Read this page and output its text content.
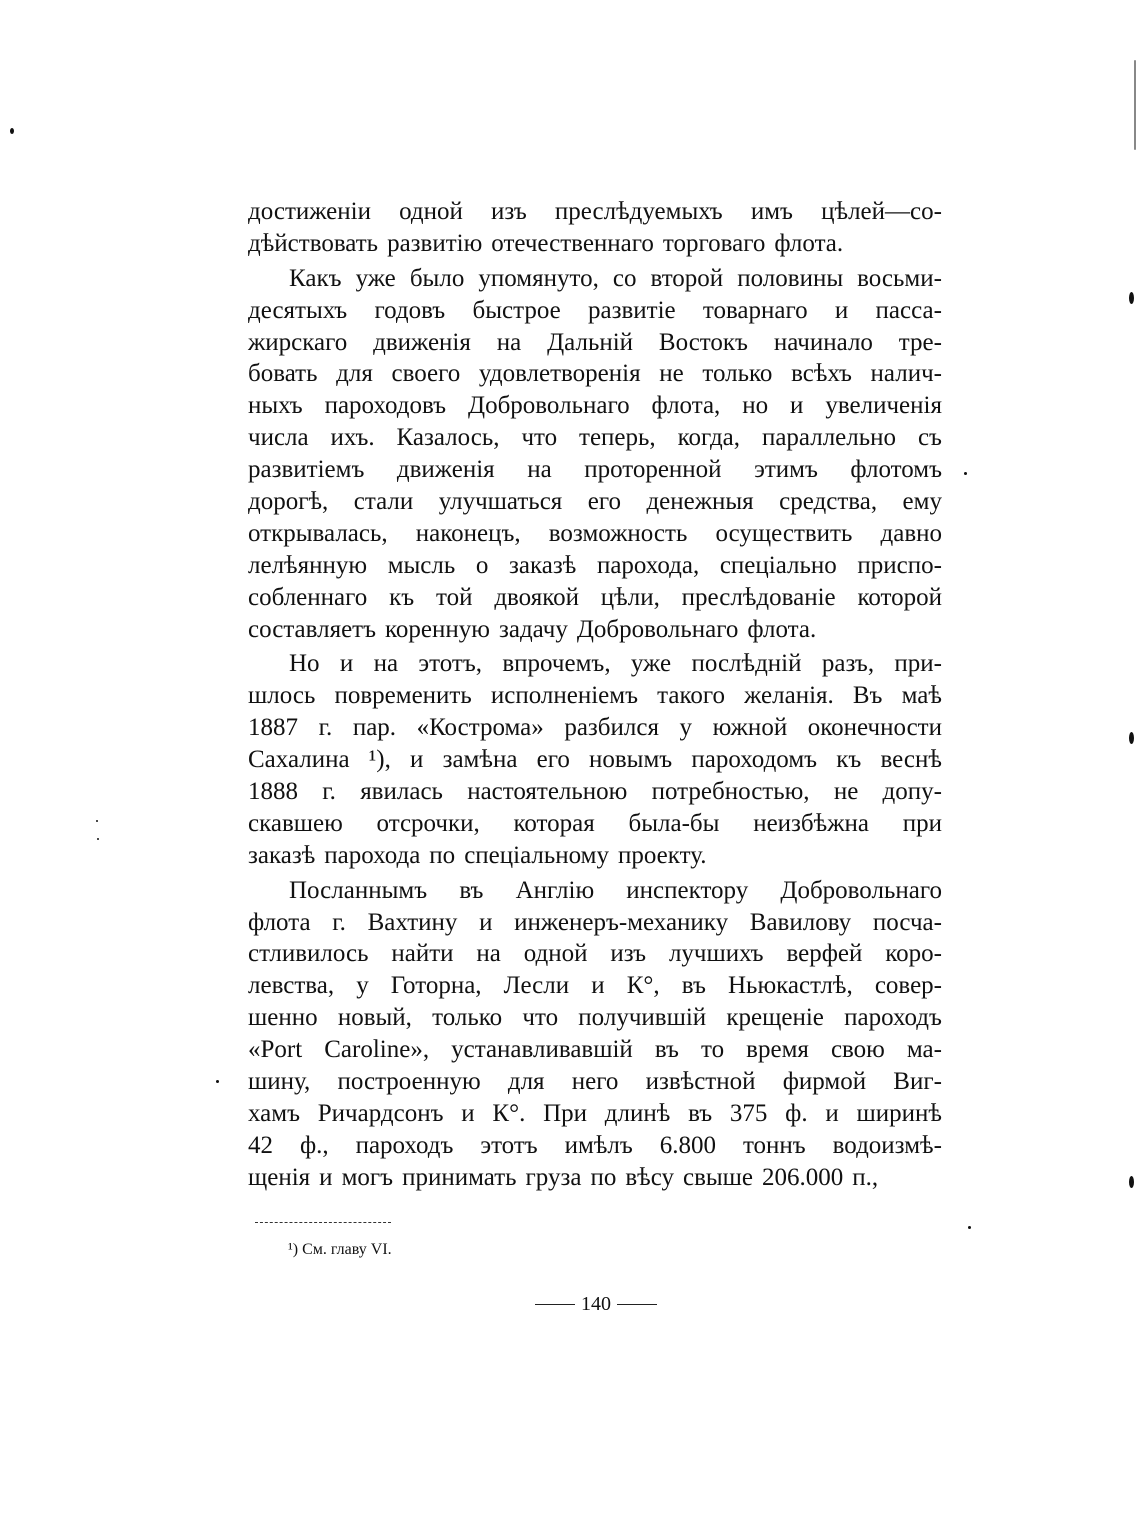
достиженіи одной изъ преслѣдуемыхъ имъ цѣлей—со-
дѣйствовать развитію отечественнаго торговаго флота.
Какъ уже было упомянуто, со второй половины восьми-
десятыхъ годовъ быстрое развитіе товарнаго и пасса-
жирскаго движенія на Дальній Востокъ начинало тре-
бовать для своего удовлетворенія не только всѣхъ налич-
ныхъ пароходовъ Добровольнаго флота, но и увеличенія
числа ихъ. Казалось, что теперь, когда, параллельно съ
развитіемъ движенія на протоpенной этимъ флотомъ
дорогѣ, стали улучшаться его денежныя средства, ему
открывалась, наконецъ, возможность осуществить давно
лелѣянную мысль о заказѣ парохода, спеціально приспо-
собленнаго къ той двоякой цѣли, преслѣдованіе которой
составляетъ коренную задачу Добровольнаго флота.
Но и на этотъ, впрочемъ, уже послѣдній разъ, при-
шлось повременить исполненіемъ такого желанія. Въ маѣ
1887 г. пар. «Кострома» разбился у южной оконечности
Сахалина ¹), и замѣна его новымъ пароходомъ къ веснѣ
1888 г. явилась настоятельною потребностью, не допу-
скавшею отсрочки, которая была-бы неизбѣжна при
заказѣ парохода по спеціальному проекту.
Посланнымъ въ Англію инспектору Добровольнаго
флота г. Вахтину и инженеръ-механику Вавилову посча-
стливилось найти на одной изъ лучшихъ верфей коро-
левства, у Готорна, Лесли и К°, въ Ньюкастлѣ, совер-
шенно новый, только что получившій крещеніе пароходъ
«Port Caroline», устанавливавшій въ то время свою ма-
шину, построенную для него извѣстной фирмой Виг-
хамъ Ричардсонъ и К°. При длинѣ въ 375 ф. и ширинѣ
42 ф., пароходъ этотъ имѣлъ 6.800 тоннъ водоизмѣ-
щенія и могъ принимать груза по вѣсу свыше 206.000 п.,
¹) См. главу VI.
140
